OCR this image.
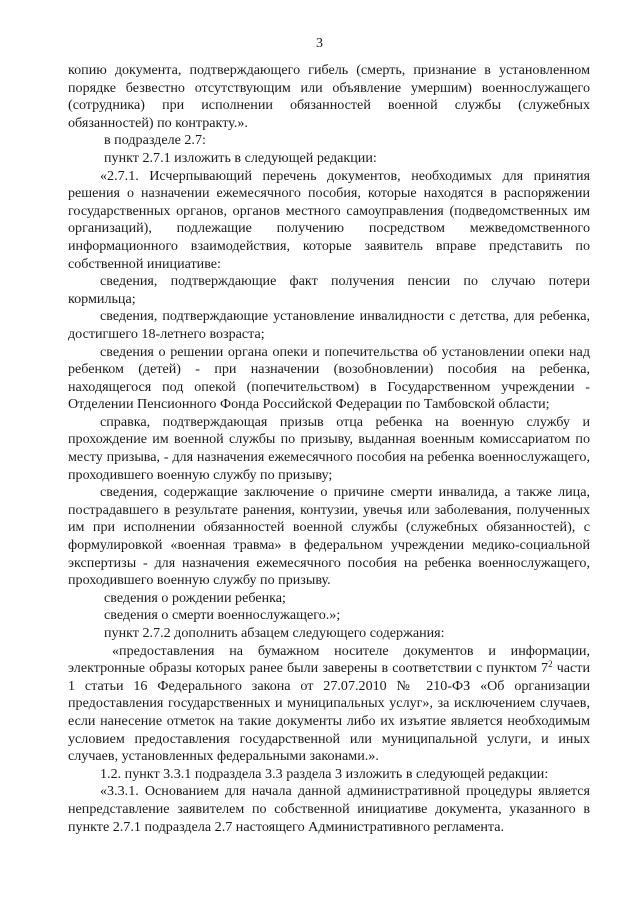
3

копию документа, подтверждающего гибель (смерть, признание в установленном порядке безвестно отсутствующим или объявление умершим) военнослужащего (сотрудника) при исполнении обязанностей военной службы (служебных обязанностей) по контракту.».

в подразделе 2.7:

пункт 2.7.1 изложить в следующей редакции:

«2.7.1. Исчерпывающий перечень документов, необходимых для принятия решения о назначении ежемесячного пособия, которые находятся в распоряжении государственных органов, органов местного самоуправления (подведомственных им организаций), подлежащие получению посредством межведомственного информационного взаимодействия, которые заявитель вправе представить по собственной инициативе:

сведения, подтверждающие факт получения пенсии по случаю потери кормильца;

сведения, подтверждающие установление инвалидности с детства, для ребенка, достигшего 18-летнего возраста;

сведения о решении органа опеки и попечительства об установлении опеки над ребенком (детей) - при назначении (возобновлении) пособия на ребенка, находящегося под опекой (попечительством) в Государственном учреждении - Отделении Пенсионного Фонда Российской Федерации по Тамбовской области;

справка, подтверждающая призыв отца ребенка на военную службу и прохождение им военной службы по призыву, выданная военным комиссариатом по месту призыва, - для назначения ежемесячного пособия на ребенка военнослужащего, проходившего военную службу по призыву;

сведения, содержащие заключение о причине смерти инвалида, а также лица, пострадавшего в результате ранения, контузии, увечья или заболевания, полученных им при исполнении обязанностей военной службы (служебных обязанностей), с формулировкой «военная травма» в федеральном учреждении медико-социальной экспертизы - для назначения ежемесячного пособия на ребенка военнослужащего, проходившего военную службу по призыву.

сведения о рождении ребенка;

сведения о смерти военнослужащего.»;

пункт 2.7.2 дополнить абзацем следующего содержания:

«предоставления на бумажном носителе документов и информации, электронные образы которых ранее были заверены в соответствии с пунктом $7^2$ части 1 статьи 16 Федерального закона от 27.07.2010 № 210-ФЗ «Об организации предоставления государственных и муниципальных услуг», за исключением случаев, если нанесение отметок на такие документы либо их изъятие является необходимым условием предоставления государственной или муниципальной услуги, и иных случаев, установленных федеральными законами.».

1.2. пункт 3.3.1 подраздела 3.3 раздела 3 изложить в следующей редакции:

«3.3.1. Основанием для начала данной административной процедуры является непредставление заявителем по собственной инициативе документа, указанного в пункте 2.7.1 подраздела 2.7 настоящего Административного регламента.
